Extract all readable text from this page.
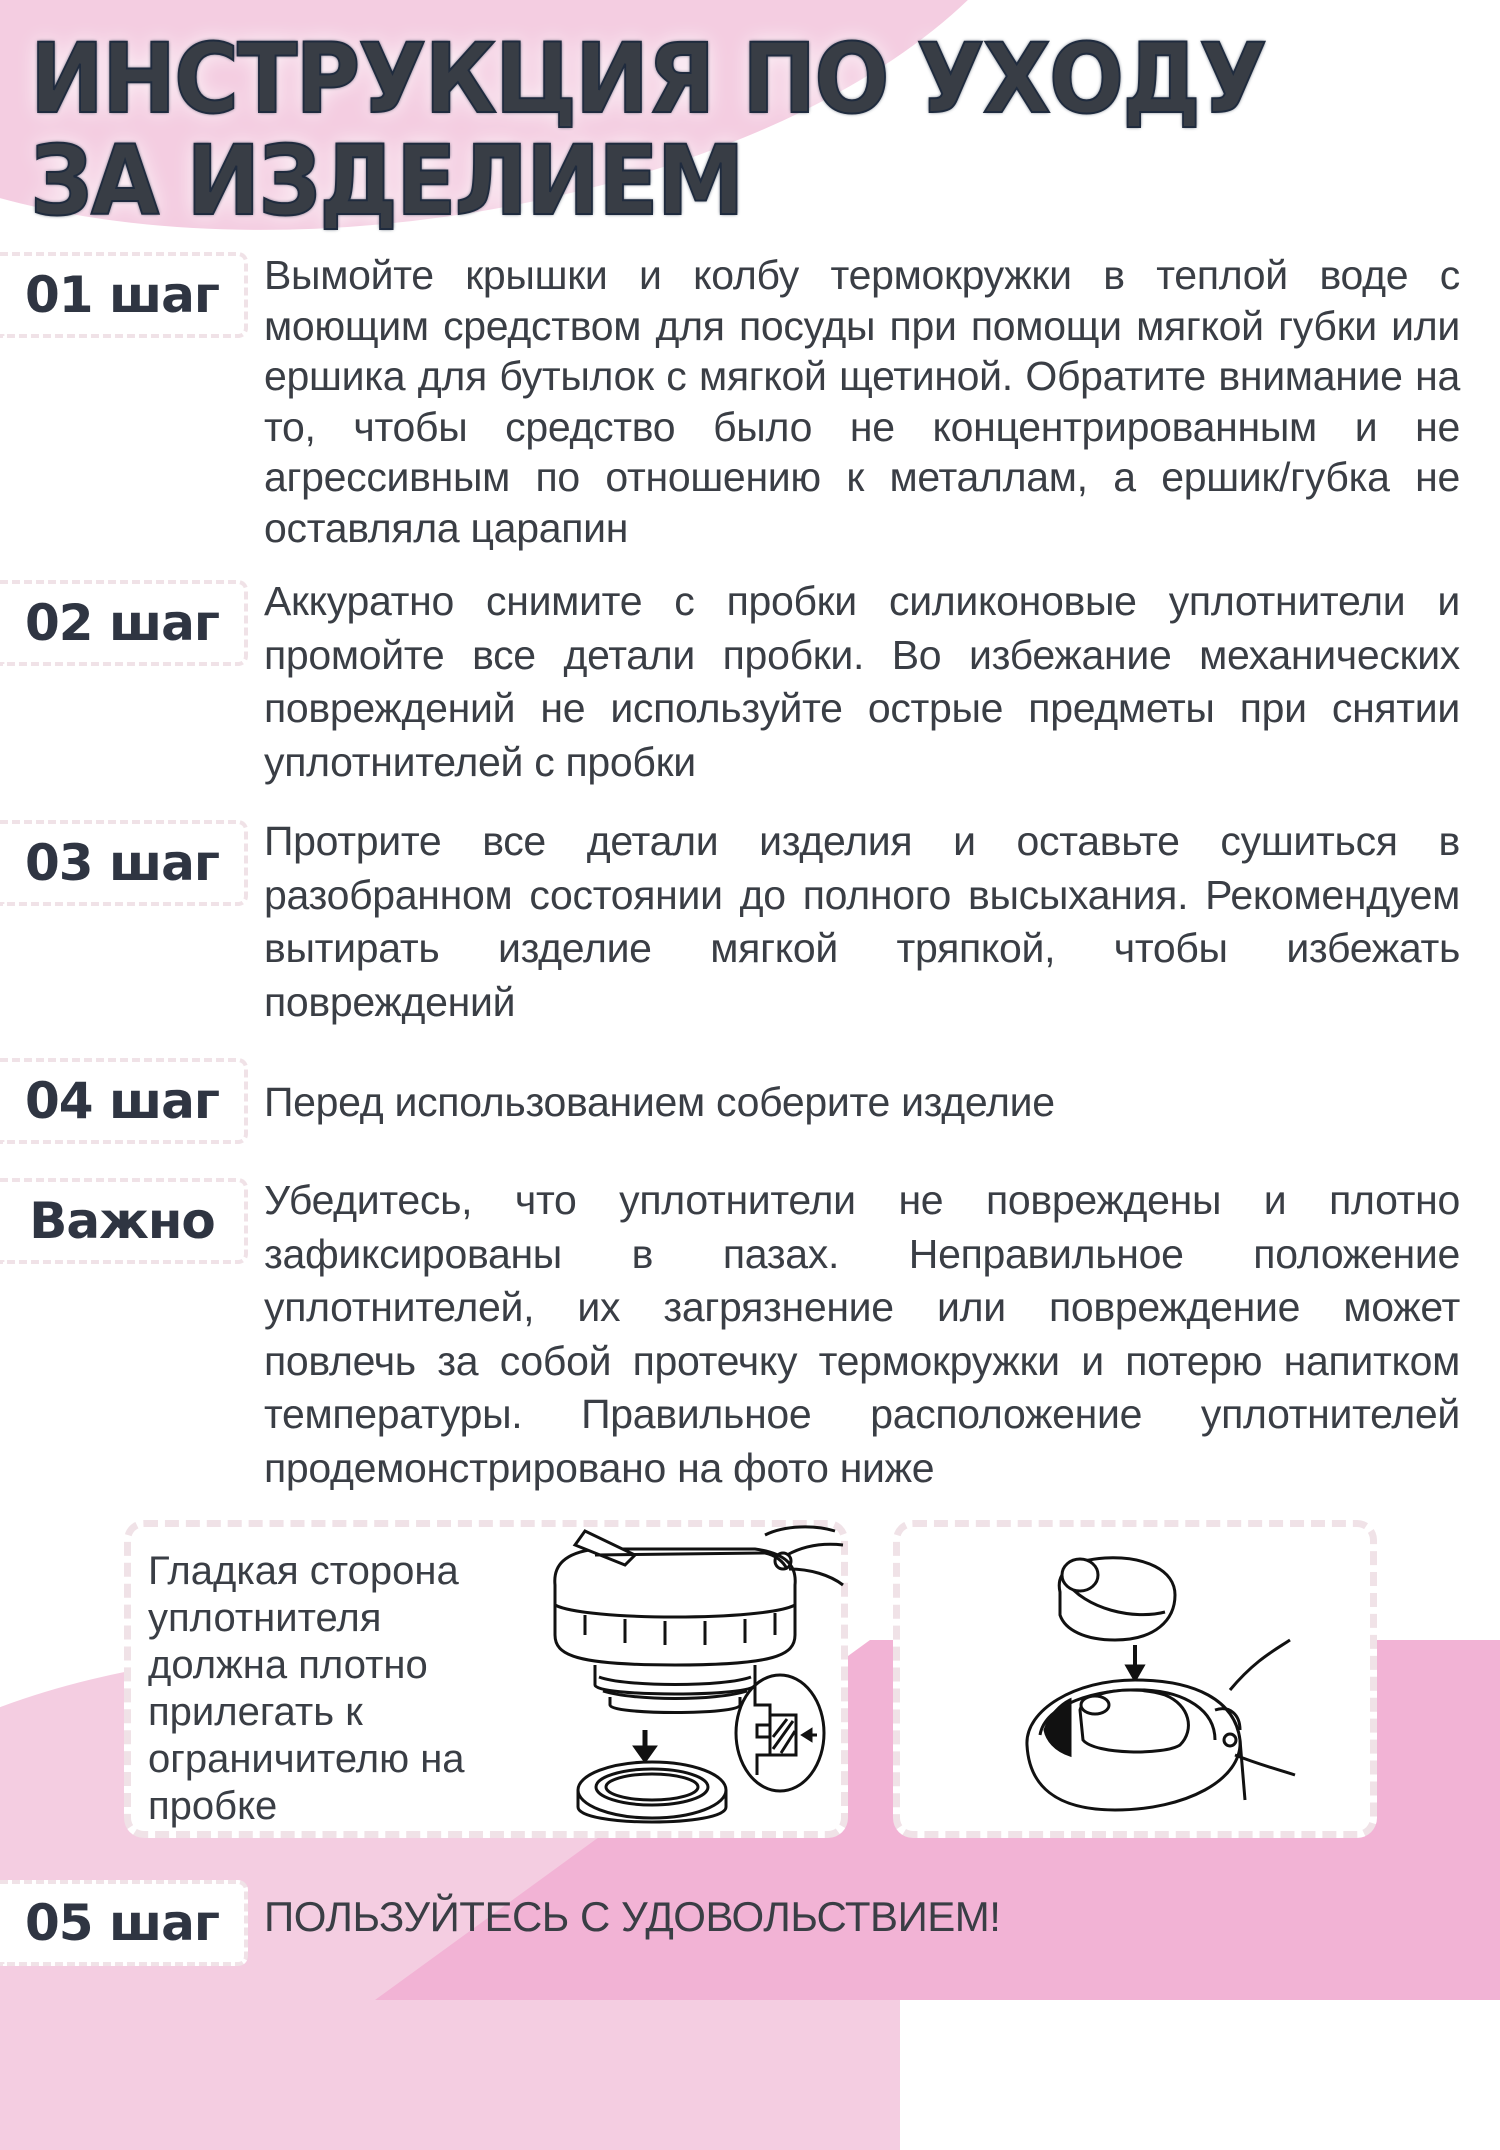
ИНСТРУКЦИЯ ПО УХОДУ
ЗА ИЗДЕЛИЕМ
01 шаг	Вымойте крышки и колбу термокружки в теплой воде с моющим средством для посуды при помощи мягкой губки или ершика для бутылок с мягкой щетиной. Обратите внимание на то, чтобы средство было не концентрированным и не агрессивным по отношению к металлам, а ершик/губка не оставляла царапин

02 шаг	Аккуратно снимите с пробки силиконовые уплотнители и промойте все детали пробки. Во избежание механических повреждений не используйте острые предметы при снятии уплотнителей с пробки

03 шаг	Протрите все детали изделия и оставьте сушиться в разобранном состоянии до полного высыхания. Рекомендуем вытирать изделие мягкой тряпкой, чтобы избежать повреждений

04 шаг	Перед использованием соберите изделие

Важно	Убедитесь, что уплотнители не повреждены и плотно зафиксированы в пазах. Неправильное положение уплотнителей, их загрязнение или повреждение может повлечь за собой протечку термокружки и потерю напитком температуры. Правильное расположение уплотнителей продемонстрировано на фото ниже

Гладкая сторона уплотнителя должна плотно прилегать к ограничителю на пробке

05 шаг	ПОЛЬЗУЙТЕСЬ С УДОВОЛЬСТВИЕМ!
